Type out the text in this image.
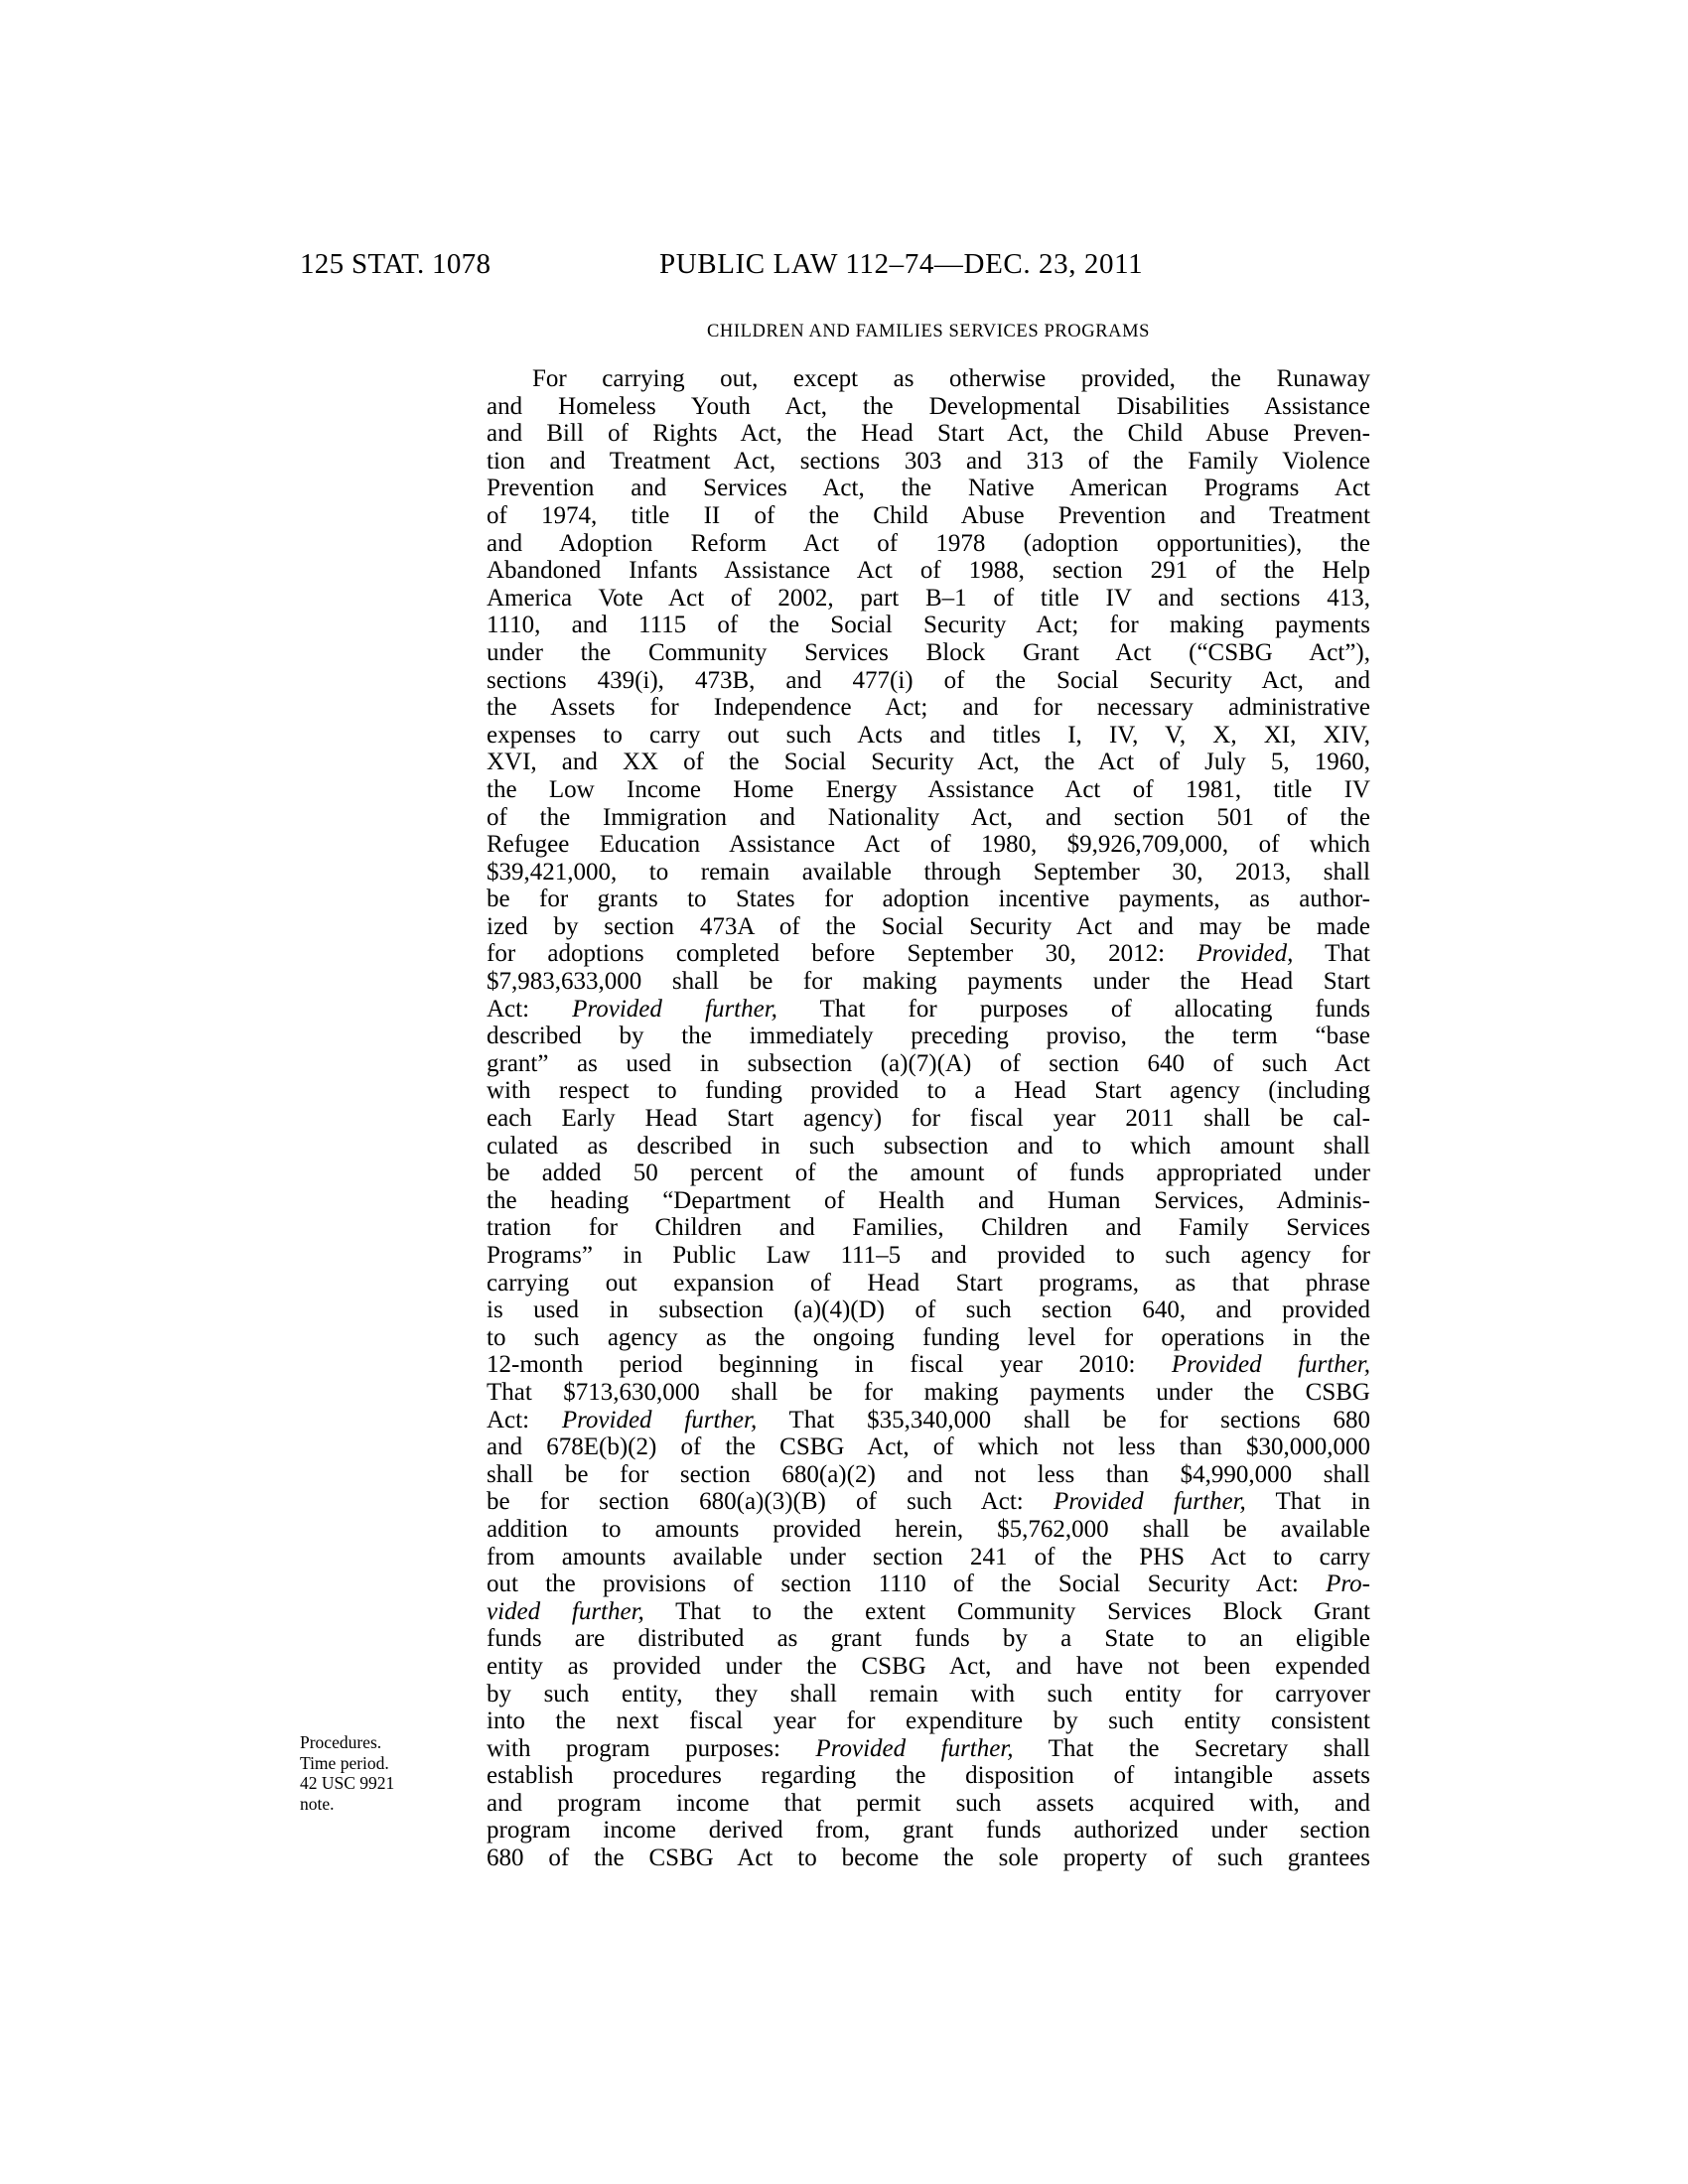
125 STAT. 1078	PUBLIC LAW 112–74—DEC. 23, 2011
CHILDREN AND FAMILIES SERVICES PROGRAMS
Procedures.
Time period.
42 USC 9921
note.
For carrying out, except as otherwise provided, the Runaway
and Homeless Youth Act, the Developmental Disabilities Assistance
and Bill of Rights Act, the Head Start Act, the Child Abuse Preven-
tion and Treatment Act, sections 303 and 313 of the Family Violence
Prevention and Services Act, the Native American Programs Act
of 1974, title II of the Child Abuse Prevention and Treatment
and Adoption Reform Act of 1978 (adoption opportunities), the
Abandoned Infants Assistance Act of 1988, section 291 of the Help
America Vote Act of 2002, part B–1 of title IV and sections 413,
1110, and 1115 of the Social Security Act; for making payments
under the Community Services Block Grant Act (“CSBG Act”),
sections 439(i), 473B, and 477(i) of the Social Security Act, and
the Assets for Independence Act; and for necessary administrative
expenses to carry out such Acts and titles I, IV, V, X, XI, XIV,
XVI, and XX of the Social Security Act, the Act of July 5, 1960,
the Low Income Home Energy Assistance Act of 1981, title IV
of the Immigration and Nationality Act, and section 501 of the
Refugee Education Assistance Act of 1980, $9,926,709,000, of which
$39,421,000, to remain available through September 30, 2013, shall
be for grants to States for adoption incentive payments, as author-
ized by section 473A of the Social Security Act and may be made
for adoptions completed before September 30, 2012: Provided, That
$7,983,633,000 shall be for making payments under the Head Start
Act: Provided further, That for purposes of allocating funds
described by the immediately preceding proviso, the term “base
grant” as used in subsection (a)(7)(A) of section 640 of such Act
with respect to funding provided to a Head Start agency (including
each Early Head Start agency) for fiscal year 2011 shall be cal-
culated as described in such subsection and to which amount shall
be added 50 percent of the amount of funds appropriated under
the heading “Department of Health and Human Services, Adminis-
tration for Children and Families, Children and Family Services
Programs” in Public Law 111–5 and provided to such agency for
carrying out expansion of Head Start programs, as that phrase
is used in subsection (a)(4)(D) of such section 640, and provided
to such agency as the ongoing funding level for operations in the
12-month period beginning in fiscal year 2010: Provided further,
That $713,630,000 shall be for making payments under the CSBG
Act: Provided further, That $35,340,000 shall be for sections 680
and 678E(b)(2) of the CSBG Act, of which not less than $30,000,000
shall be for section 680(a)(2) and not less than $4,990,000 shall
be for section 680(a)(3)(B) of such Act: Provided further, That in
addition to amounts provided herein, $5,762,000 shall be available
from amounts available under section 241 of the PHS Act to carry
out the provisions of section 1110 of the Social Security Act: Pro-
vided further, That to the extent Community Services Block Grant
funds are distributed as grant funds by a State to an eligible
entity as provided under the CSBG Act, and have not been expended
by such entity, they shall remain with such entity for carryover
into the next fiscal year for expenditure by such entity consistent
with program purposes: Provided further, That the Secretary shall
establish procedures regarding the disposition of intangible assets
and program income that permit such assets acquired with, and
program income derived from, grant funds authorized under section
680 of the CSBG Act to become the sole property of such grantees
